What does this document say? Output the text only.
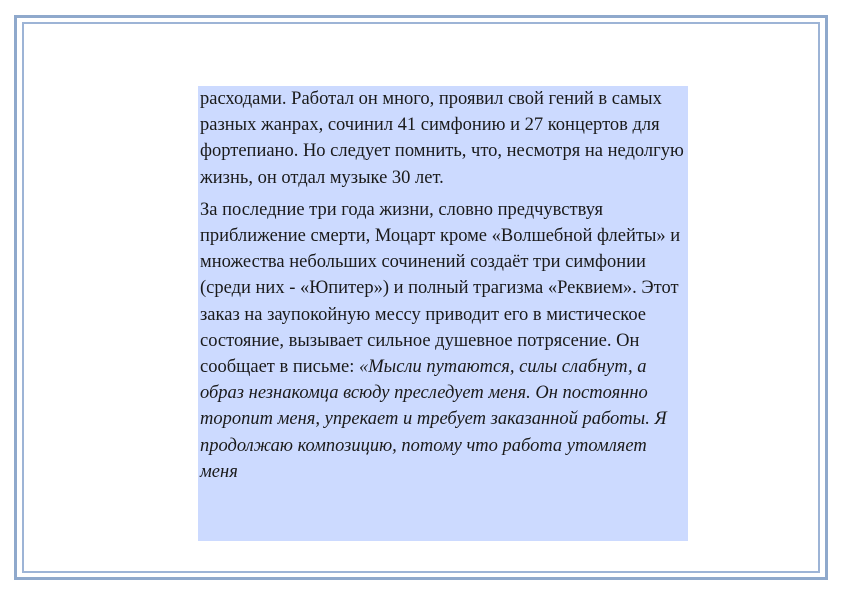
расходами. Работал он много, проявил свой гений в самых разных жанрах, сочинил 41 симфонию и 27 концертов для фортепиано. Но следует помнить, что, несмотря на недолгую жизнь, он отдал музыке 30 лет.

За последние три года жизни, словно предчувствуя приближение смерти, Моцарт кроме «Волшебной флейты» и множества небольших сочинений создаёт три симфонии (среди них - «Юпитер») и полный трагизма «Реквием». Этот заказ на заупокойную мессу приводит его в мистическое состояние, вызывает сильное душевное потрясение. Он сообщает в письме: «Мысли путаются, силы слабнут, а образ незнакомца всюду преследует меня. Он постоянно торопит меня, упрекает и требует заказанной работы. Я продолжаю композицию, потому что работа утомляет меня
